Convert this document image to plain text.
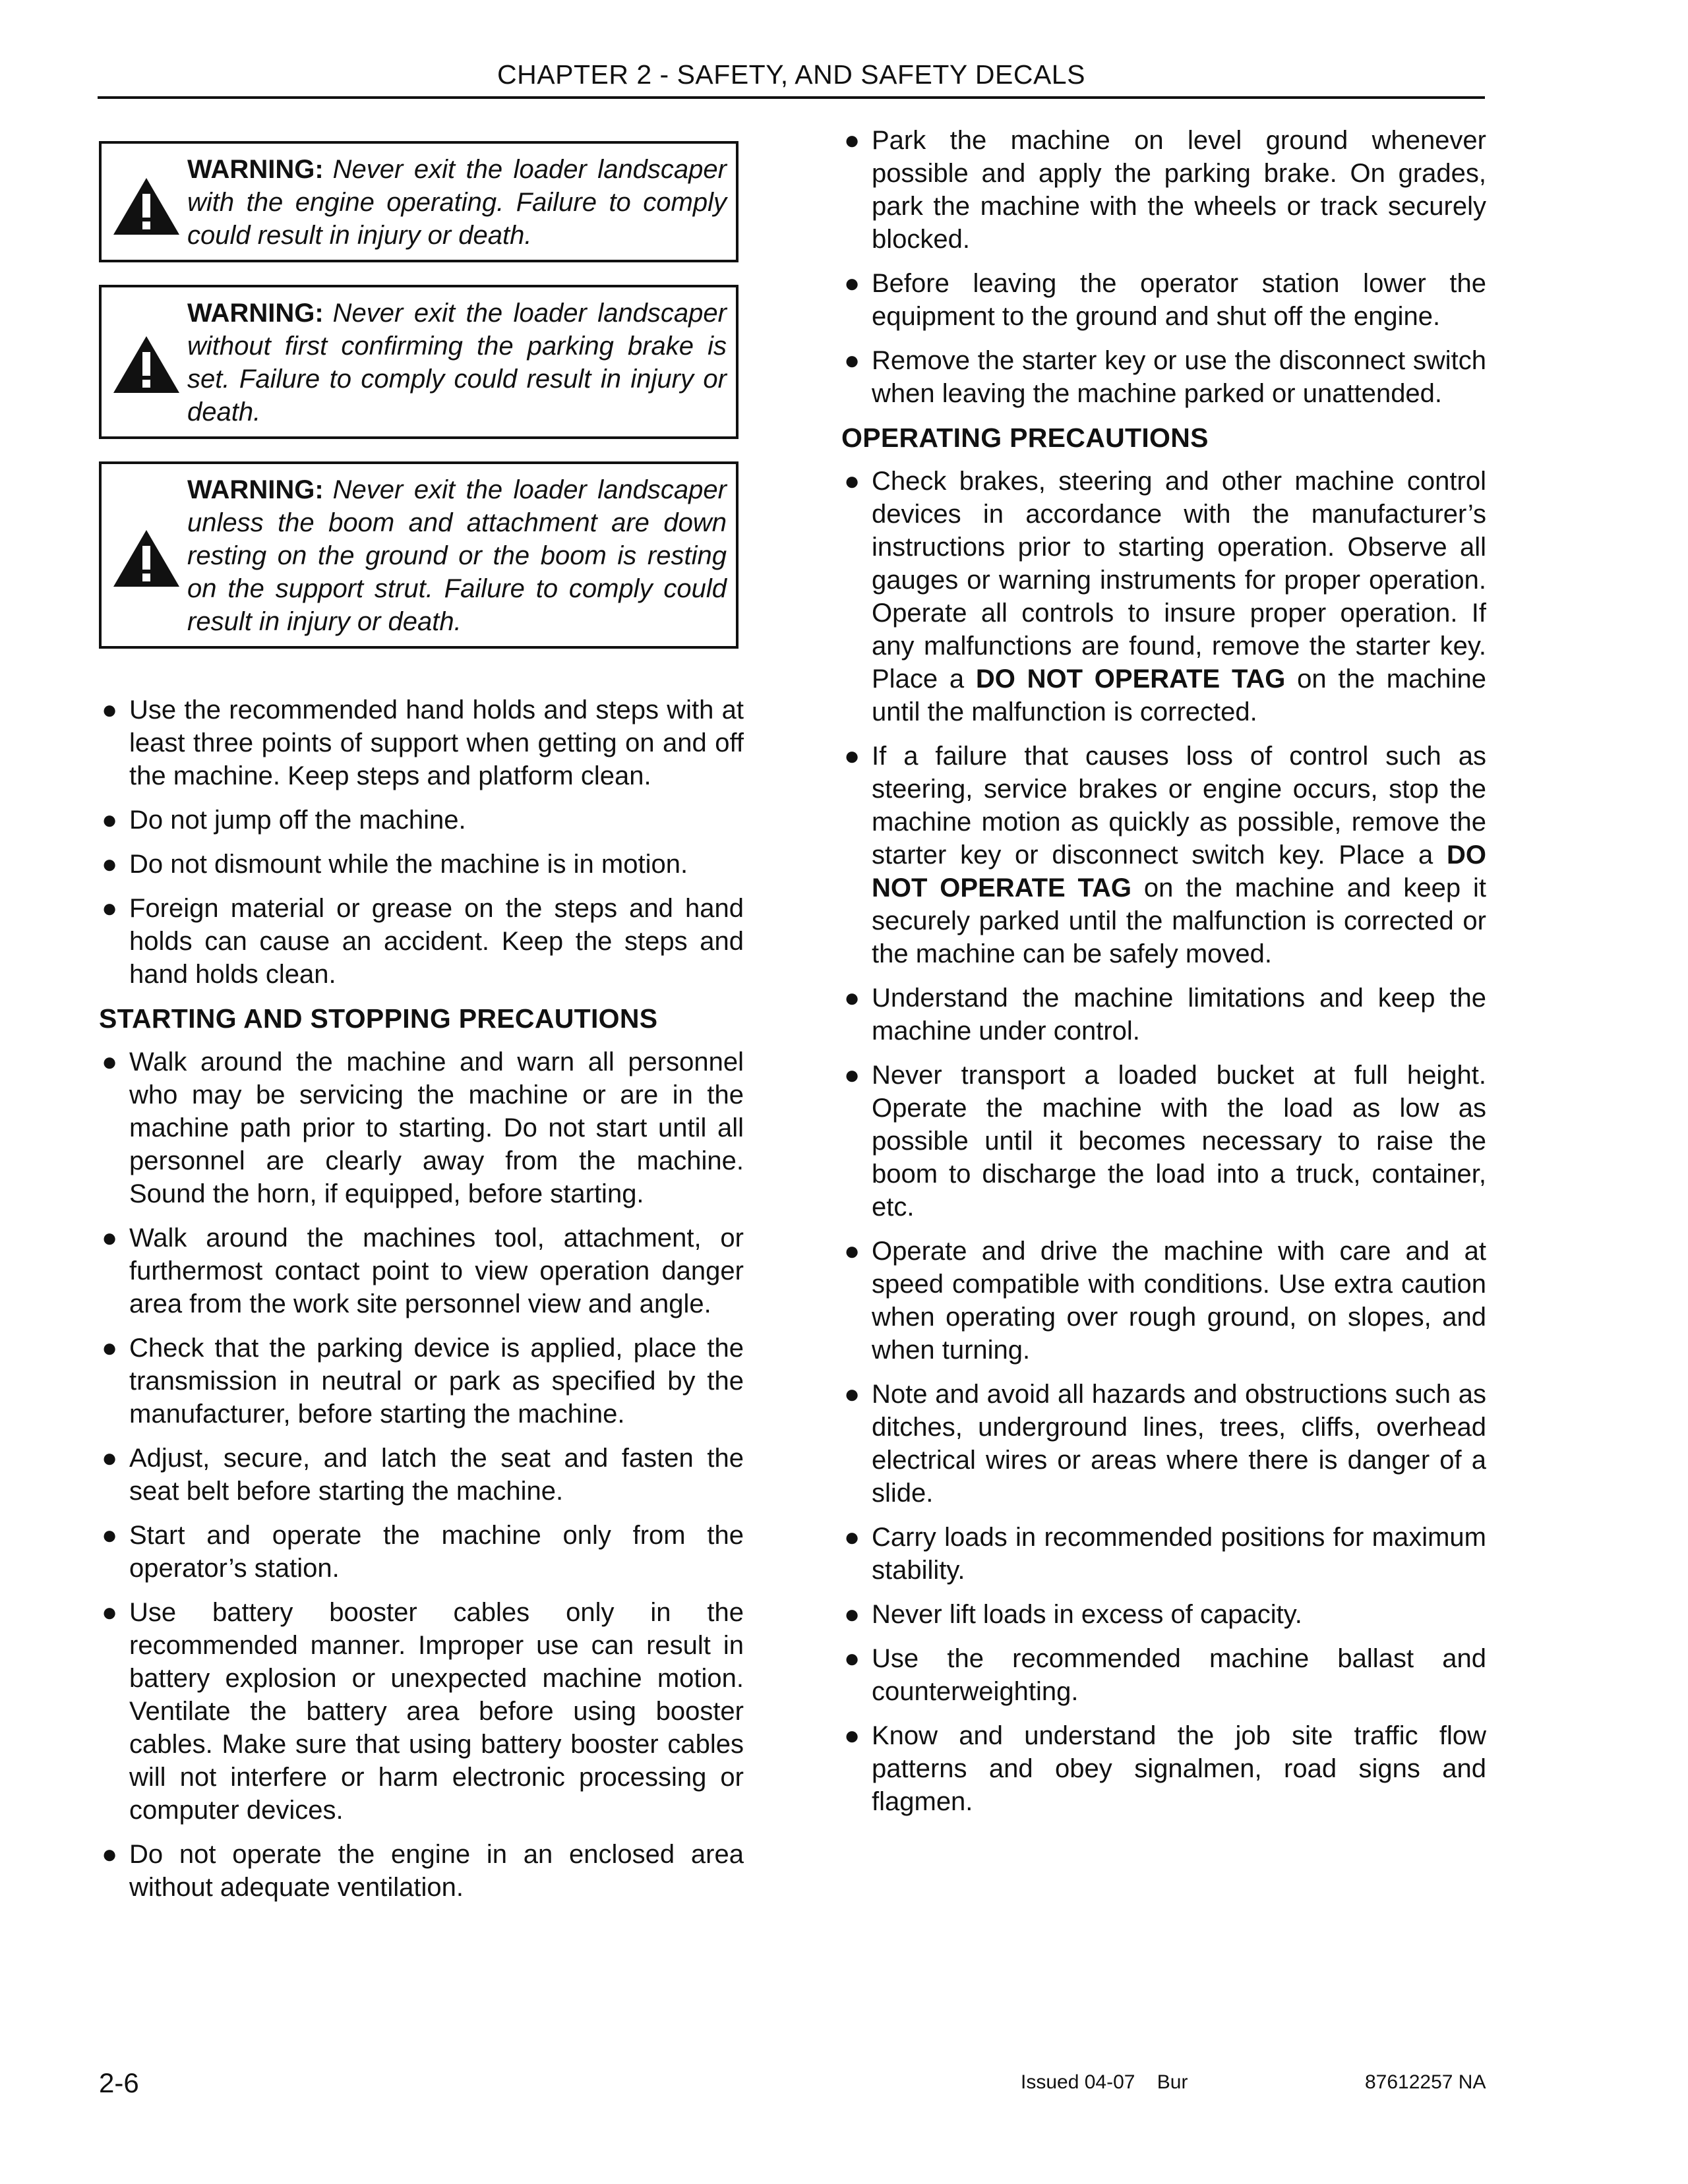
CHAPTER 2 - SAFETY, AND SAFETY DECALS
WARNING: Never exit the loader landscaper with the engine operating. Failure to comply could result in injury or death.
WARNING: Never exit the loader landscaper without first confirming the parking brake is set. Failure to comply could result in injury or death.
WARNING: Never exit the loader landscaper unless the boom and attachment are down resting on the ground or the boom is resting on the support strut. Failure to comply could result in injury or death.
● Use the recommended hand holds and steps with at least three points of support when getting on and off the machine. Keep steps and platform clean.
● Do not jump off the machine.
● Do not dismount while the machine is in motion.
● Foreign material or grease on the steps and hand holds can cause an accident. Keep the steps and hand holds clean.
STARTING AND STOPPING PRECAUTIONS
● Walk around the machine and warn all personnel who may be servicing the machine or are in the machine path prior to starting. Do not start until all personnel are clearly away from the machine. Sound the horn, if equipped, before starting.
● Walk around the machines tool, attachment, or furthermost contact point to view operation danger area from the work site personnel view and angle.
● Check that the parking device is applied, place the transmission in neutral or park as specified by the manufacturer, before starting the machine.
● Adjust, secure, and latch the seat and fasten the seat belt before starting the machine.
● Start and operate the machine only from the operator’s station.
● Use battery booster cables only in the recommended manner. Improper use can result in battery explosion or unexpected machine motion. Ventilate the battery area before using booster cables. Make sure that using battery booster cables will not interfere or harm electronic processing or computer devices.
● Do not operate the engine in an enclosed area without adequate ventilation.
● Park the machine on level ground whenever possible and apply the parking brake. On grades, park the machine with the wheels or track securely blocked.
● Before leaving the operator station lower the equipment to the ground and shut off the engine.
● Remove the starter key or use the disconnect switch when leaving the machine parked or unattended.
OPERATING PRECAUTIONS
● Check brakes, steering and other machine control devices in accordance with the manufacturer’s instructions prior to starting operation. Observe all gauges or warning instruments for proper operation. Operate all controls to insure proper operation. If any malfunctions are found, remove the starter key. Place a DO NOT OPERATE TAG on the machine until the malfunction is corrected.
● If a failure that causes loss of control such as steering, service brakes or engine occurs, stop the machine motion as quickly as possible, remove the starter key or disconnect switch key. Place a DO NOT OPERATE TAG on the machine and keep it securely parked until the malfunction is corrected or the machine can be safely moved.
● Understand the machine limitations and keep the machine under control.
● Never transport a loaded bucket at full height. Operate the machine with the load as low as possible until it becomes necessary to raise the boom to discharge the load into a truck, container, etc.
● Operate and drive the machine with care and at speed compatible with conditions. Use extra caution when operating over rough ground, on slopes, and when turning.
● Note and avoid all hazards and obstructions such as ditches, underground lines, trees, cliffs, overhead electrical wires or areas where there is danger of a slide.
● Carry loads in recommended positions for maximum stability.
● Never lift loads in excess of capacity.
● Use the recommended machine ballast and counterweighting.
● Know and understand the job site traffic flow patterns and obey signalmen, road signs and flagmen.
2-6	Issued 04-07    Bur	87612257 NA
